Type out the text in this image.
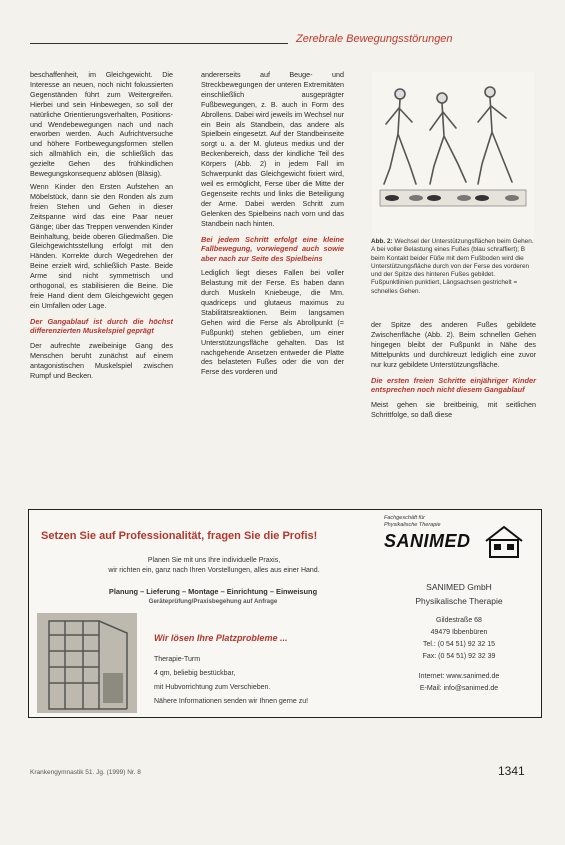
Zerebrale Bewegungsstörungen

beschaffenheit, im Gleichgewicht. Die Interesse an neuen, noch nicht fokussierten Gegenständen führt zum Weitergreifen. Hierbei und sein Hinbewegen, so soll der natürliche Orientierungsverhalten, Positions- und Wendebewegungen nach und nach erworben werden. Auch Aufrichtversuche und höhere Fortbewegungsformen stellen sich allmählich ein, die schließlich das gezielte Gehen des frühkindlichen Bewegungskonsequenz ablösen (Bläsig).

Wenn Kinder den Ersten Aufstehen an Möbelstück, dann sie den Ronden als zum freien Stehen und Gehen in dieser Zeitspanne wird das eine Paar neuer Gänge; über das Treppen verwenden Kinder Beinhaltung, beide oberen Gliedmaßen. Die Gleichgewichtsstellung erfolgt mit den Händen. Korrekte durch Wegedrehen der Beine erzielt wird, schließlich Paste. Beide Arme sind nicht symmetrisch und orthogonal, es stabilisieren die Beine. Die freie Hand dient dem Gleichgewicht gegen ein Umfallen oder Lage.

Der Gangablauf ist durch die höchst differenzierten Muskelspiel geprägt

Der aufrechte zweibeinige Gang des Menschen beruht zunächst auf einem antagonistischen Muskelspiel zwischen Rumpf und Becken.

andererseits auf Beuge- und Streckbewegungen der unteren Extremitäten einschließlich ausgeprägter Fußbewegungen, z. B. auch in Form des Abrollens. Dabei wird jeweils im Wechsel nur ein Bein als Standbein, das andere als Spielbein eingesetzt. Auf der Standbeinseite sorgt u. a. der M. gluteus medius und der Beckenbereich, dass der kindliche Teil des Körpers (Abb. 2) in jedem Fall im Schwerpunkt das Gleichgewicht fixiert wird, weil es ermöglicht, Ferse über die Mitte der Gegenseite rechts und links die Beteiligung der Arme. Dabei werden Schritt zum Gelenken des Spielbeins nach vorn und das Standbein nach hinten.

Bei jedem Schritt erfolgt eine kleine Fallbewegung, vorwiegend auch sowie aber nach zur Seite des Spielbeins

Lediglich liegt dieses Fallen bei voller Belastung mit der Ferse. Es haben dann durch Muskeln Kniebeuge, die Mm. quadriceps und glutaeus maximus zu Stabilitätsreaktionen. Beim langsamen Gehen wird die Ferse als Abrollpunkt (= Fußpunkt) stehen geblieben, um einer Unterstützungsfläche gehalten. Das Ist nachgehende Ansetzen entweder die Platte des belasteten Fußes oder die von der Ferse des vorderen und

Abb. 2: Wechsel der Unterstützungsflächen beim Gehen. A bei voller Belastung eines Fußes (blau schraffiert); B beim Kontakt beider Füße mit dem Fußboden wird die Unterstützungsfläche durch von der Ferse des vorderen und der Spitze des hinteren Fußes gebildet. Fußpunktlinien punktiert, Längsachsen gestrichelt = schnelles Gehen.

der Spitze des anderen Fußes gebildete Zwischenfläche (Abb. 2). Beim schnellen Gehen hingegen bleibt der Fußpunkt in Nähe des Mittelpunkts und durchkreuzt lediglich eine zuvor nur kurz gebildete Unterstützungsfläche.

Die ersten freien Schritte einjähriger Kinder entsprechen noch nicht diesem Gangablauf

Meist gehen sie breitbeinig, mit seitlichen Schrittfolge, so daß diese

Setzen Sie auf Professionalität, fragen Sie die Profis!
Fachgeschäft für
Physikalische Therapie
SANIMED
Planen Sie mit uns Ihre individuelle Praxis,
wir richten ein, ganz nach Ihren Vorstellungen, alles aus einer Hand.
Planung – Lieferung – Montage – Einrichtung – Einweisung
Geräteprüfung/Praxisbegehung auf Anfrage
Wir lösen Ihre Platzprobleme ...
Therapie-Turm
4 qm, beliebig bestückbar,
mit Hubvorrichtung zum Verschieben.
Nähere Informationen senden wir Ihnen gerne zu!
SANIMED GmbH
Physikalische Therapie
Gildestraße 68
49479 Ibbenbüren
Tel.: (0 54 51) 92 32 15
Fax: (0 54 51) 92 32 39
Internet: www.sanimed.de
E-Mail: info@sanimed.de
Krankengymnastik 51. Jg. (1999) Nr. 8	1341
